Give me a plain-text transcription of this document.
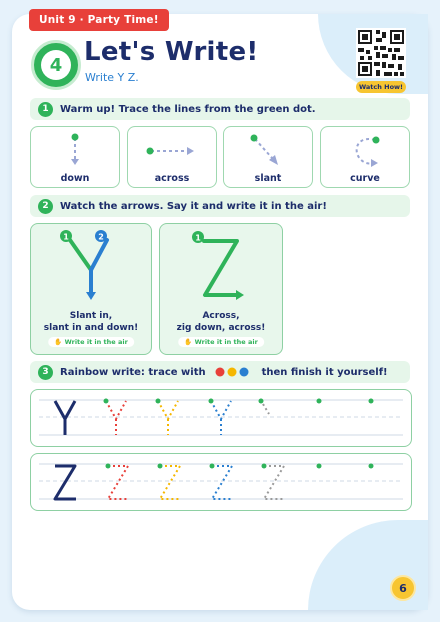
Unit 9 · Party Time!
4 Let's Write!
Write Y Z.
Watch How!
1	Warm up! Trace the lines from the green dot.
down	across	slant	curve
2	Watch the arrows. Say it and write it in the air!
1	2
Slant in,
slant in and down!
✋ Write it in the air
1
Across,
zig down, across!
✋ Write it in the air
3	Rainbow write: trace with	then finish it yourself!
6
